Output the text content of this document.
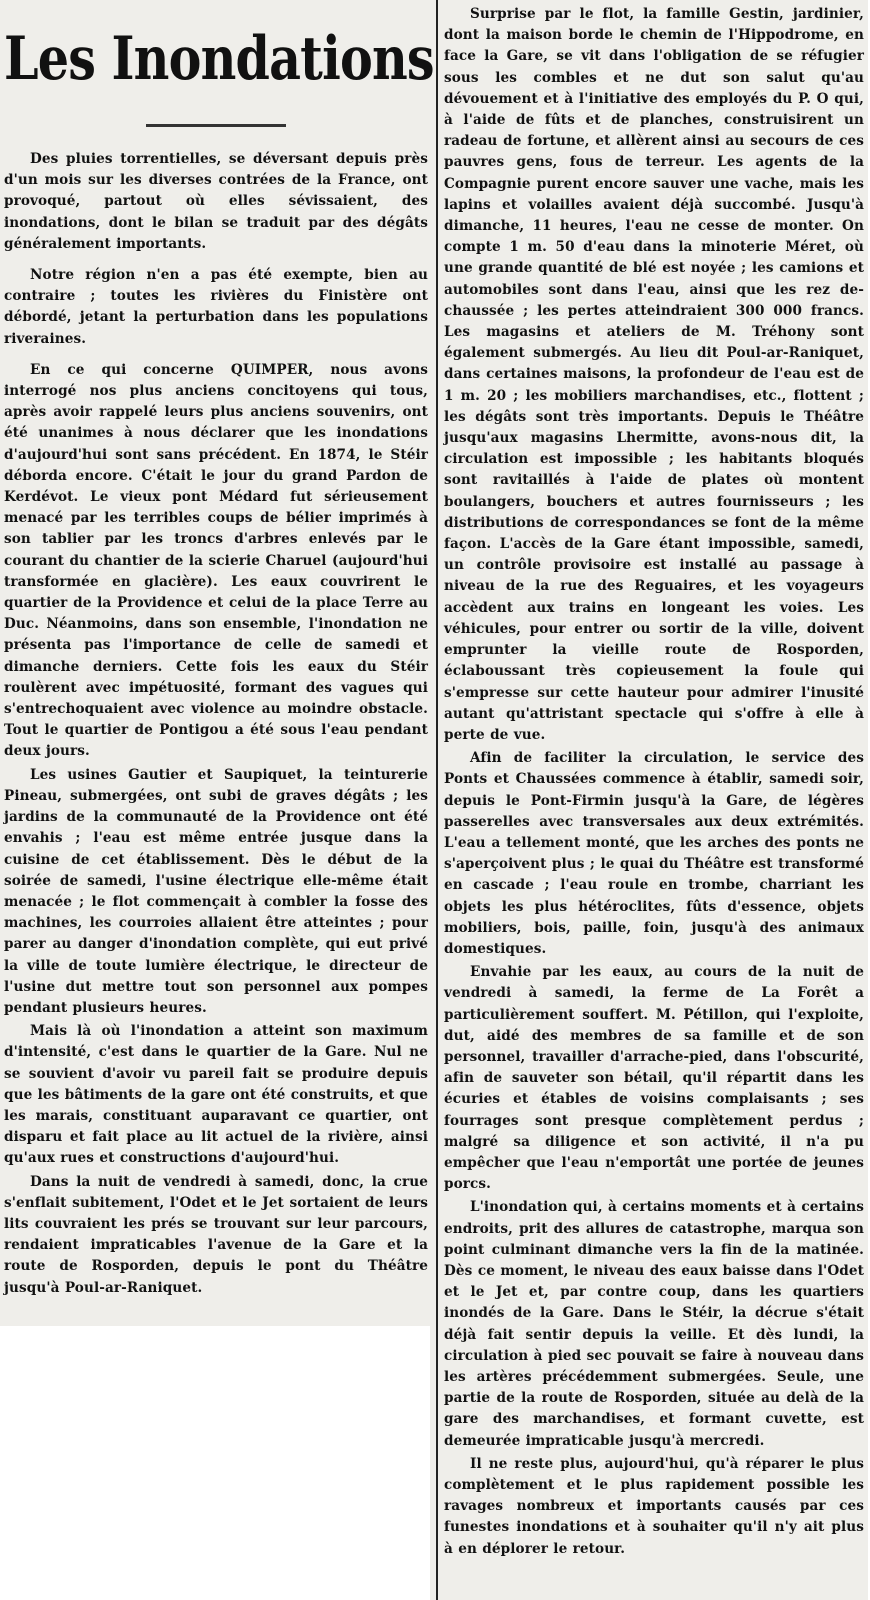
Les Inondations

Des pluies torrentielles, se déversant depuis près d'un mois sur les diverses contrées de la France, ont provoqué, partout où elles sévissaient, des inondations, dont le bilan se traduit par des dégâts généralement importants.

Notre région n'en a pas été exempte, bien au contraire ; toutes les rivières du Finistère ont débordé, jetant la perturbation dans les populations riveraines.

En ce qui concerne QUIMPER, nous avons interrogé nos plus anciens concitoyens qui tous, après avoir rappelé leurs plus anciens souvenirs, ont été unanimes à nous déclarer que les inondations d'aujourd'hui sont sans précédent. En 1874, le Stéir déborda encore. C'était le jour du grand Pardon de Kerdévot. Le vieux pont Médard fut sérieusement menacé par les terribles coups de bélier imprimés à son tablier par les troncs d'arbres enlevés par le courant du chantier de la scierie Charuel (aujourd'hui transformée en glacière). Les eaux couvrirent le quartier de la Providence et celui de la place Terre au Duc. Néanmoins, dans son ensemble, l'inondation ne présenta pas l'importance de celle de samedi et dimanche derniers. Cette fois les eaux du Stéir roulèrent avec impétuosité, formant des vagues qui s'entrechoquaient avec violence au moindre obstacle. Tout le quartier de Pontigou a été sous l'eau pendant deux jours.

Les usines Gautier et Saupiquet, la teinturerie Pineau, submergées, ont subi de graves dégâts ; les jardins de la communauté de la Providence ont été envahis ; l'eau est même entrée jusque dans la cuisine de cet établissement. Dès le début de la soirée de samedi, l'usine électrique elle-même était menacée ; le flot commençait à combler la fosse des machines, les courroies allaient être atteintes ; pour parer au danger d'inondation complète, qui eut privé la ville de toute lumière électrique, le directeur de l'usine dut mettre tout son personnel aux pompes pendant plusieurs heures.

Mais là où l'inondation a atteint son maximum d'intensité, c'est dans le quartier de la Gare. Nul ne se souvient d'avoir vu pareil fait se produire depuis que les bâtiments de la gare ont été construits, et que les marais, constituant auparavant ce quartier, ont disparu et fait place au lit actuel de la rivière, ainsi qu'aux rues et constructions d'aujourd'hui.

Dans la nuit de vendredi à samedi, donc, la crue s'enflait subitement, l'Odet et le Jet sortaient de leurs lits couvraient les prés se trouvant sur leur parcours, rendaient impraticables l'avenue de la Gare et la route de Rosporden, depuis le pont du Théâtre jusqu'à Poul-ar-Raniquet.

Surprise par le flot, la famille Gestin, jardinier, dont la maison borde le chemin de l'Hippodrome, en face la Gare, se vit dans l'obligation de se réfugier sous les combles et ne dut son salut qu'au dévouement et à l'initiative des employés du P. O qui, à l'aide de fûts et de planches, construisirent un radeau de fortune, et allèrent ainsi au secours de ces pauvres gens, fous de terreur. Les agents de la Compagnie purent encore sauver une vache, mais les lapins et volailles avaient déjà succombé. Jusqu'à dimanche, 11 heures, l'eau ne cesse de monter. On compte 1 m. 50 d'eau dans la minoterie Méret, où une grande quantité de blé est noyée ; les camions et automobiles sont dans l'eau, ainsi que les rez de-chaussée ; les pertes atteindraient 300 000 francs. Les magasins et ateliers de M. Tréhony sont également submergés. Au lieu dit Poul-ar-Raniquet, dans certaines maisons, la profondeur de l'eau est de 1 m. 20 ; les mobiliers marchandises, etc., flottent ; les dégâts sont très importants. Depuis le Théâtre jusqu'aux magasins Lhermitte, avons-nous dit, la circulation est impossible ; les habitants bloqués sont ravitaillés à l'aide de plates où montent boulangers, bouchers et autres fournisseurs ; les distributions de correspondances se font de la même façon. L'accès de la Gare étant impossible, samedi, un contrôle provisoire est installé au passage à niveau de la rue des Reguaires, et les voyageurs accèdent aux trains en longeant les voies. Les véhicules, pour entrer ou sortir de la ville, doivent emprunter la vieille route de Rosporden, éclaboussant très copieusement la foule qui s'empresse sur cette hauteur pour admirer l'inusité autant qu'attristant spectacle qui s'offre à elle à perte de vue.

Afin de faciliter la circulation, le service des Ponts et Chaussées commence à établir, samedi soir, depuis le Pont-Firmin jusqu'à la Gare, de légères passerelles avec transversales aux deux extrémités. L'eau a tellement monté, que les arches des ponts ne s'aperçoivent plus ; le quai du Théâtre est transformé en cascade ; l'eau roule en trombe, charriant les objets les plus hétéroclites, fûts d'essence, objets mobiliers, bois, paille, foin, jusqu'à des animaux domestiques.

Envahie par les eaux, au cours de la nuit de vendredi à samedi, la ferme de La Forêt a particulièrement souffert. M. Pétillon, qui l'exploite, dut, aidé des membres de sa famille et de son personnel, travailler d'arrache-pied, dans l'obscurité, afin de sauveter son bétail, qu'il répartit dans les écuries et étables de voisins complaisants ; ses fourrages sont presque complètement perdus ; malgré sa diligence et son activité, il n'a pu empêcher que l'eau n'emportât une portée de jeunes porcs.

L'inondation qui, à certains moments et à certains endroits, prit des allures de catastrophe, marqua son point culminant dimanche vers la fin de la matinée. Dès ce moment, le niveau des eaux baisse dans l'Odet et le Jet et, par contre coup, dans les quartiers inondés de la Gare. Dans le Stéir, la décrue s'était déjà fait sentir depuis la veille. Et dès lundi, la circulation à pied sec pouvait se faire à nouveau dans les artères précédemment submergées. Seule, une partie de la route de Rosporden, située au delà de la gare des marchandises, et formant cuvette, est demeurée impraticable jusqu'à mercredi.

Il ne reste plus, aujourd'hui, qu'à réparer le plus complètement et le plus rapidement possible les ravages nombreux et importants causés par ces funestes inondations et à souhaiter qu'il n'y ait plus à en déplorer le retour.
